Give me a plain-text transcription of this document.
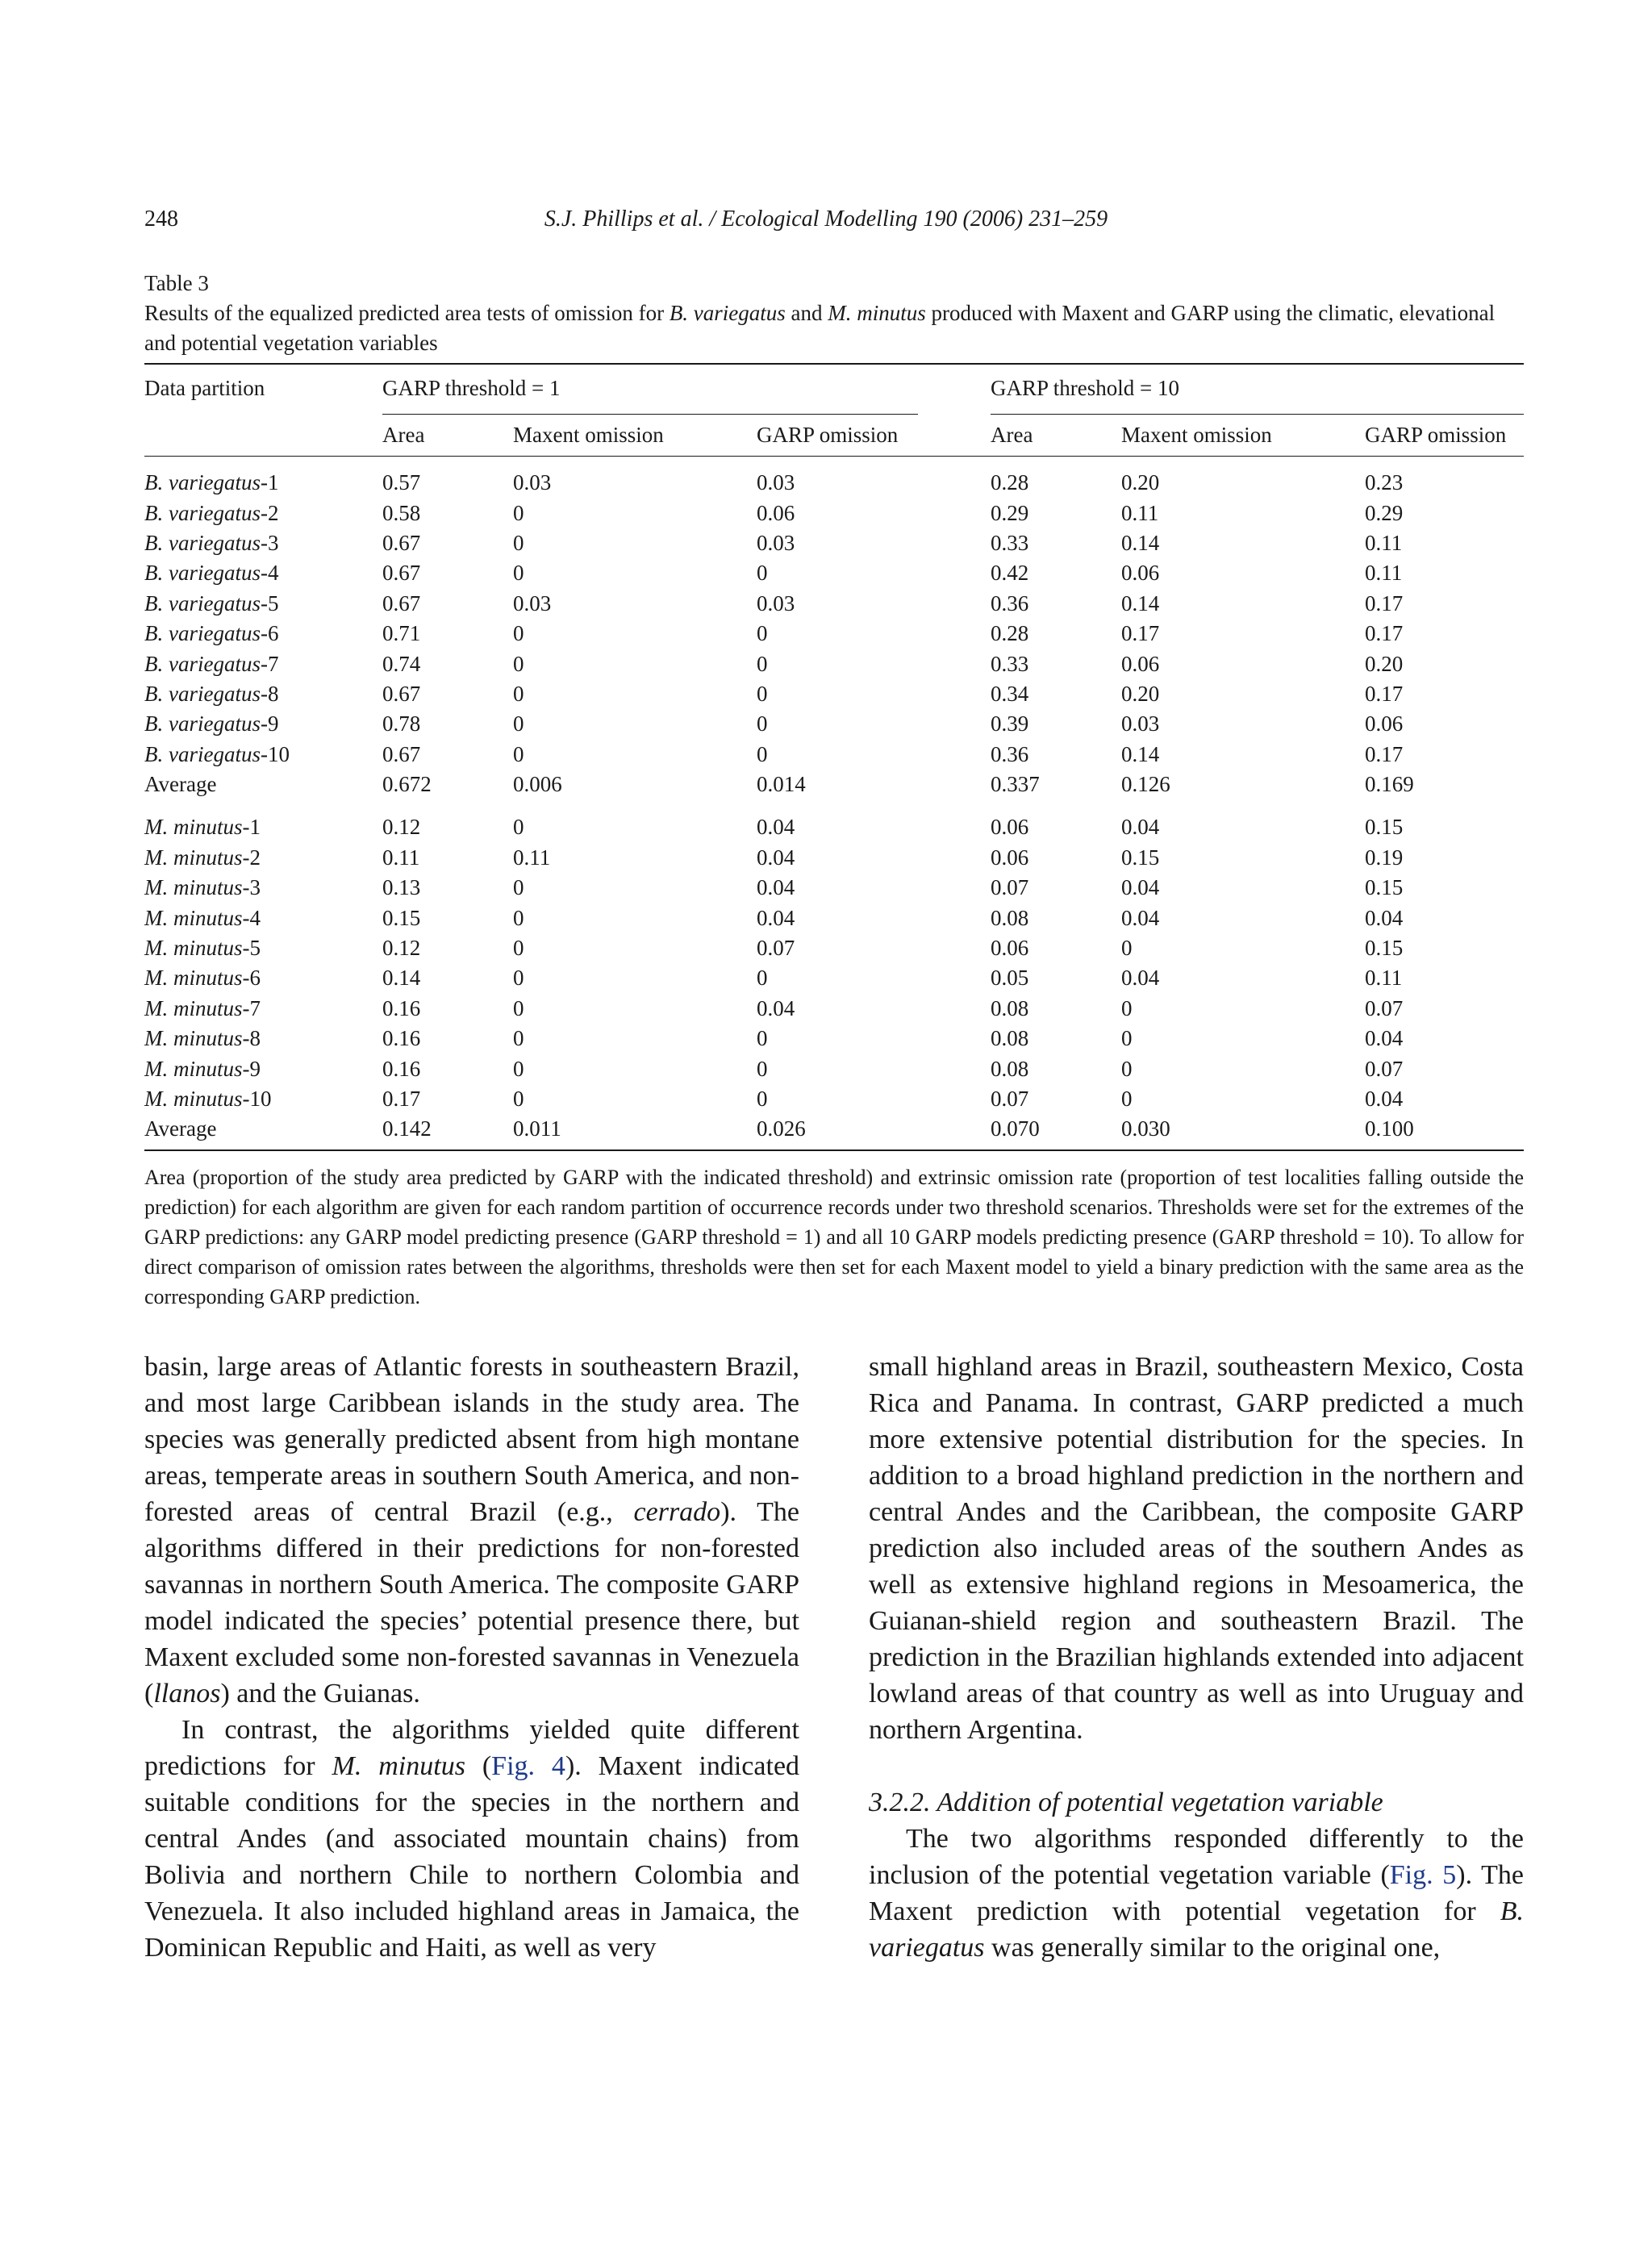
248	S.J. Phillips et al. / Ecological Modelling 190 (2006) 231–259
Table 3
Results of the equalized predicted area tests of omission for B. variegatus and M. minutus produced with Maxent and GARP using the climatic, elevational and potential vegetation variables
Data partition	GARP threshold = 1				GARP threshold = 10		
	Area	Maxent omission	GARP omission		Area	Maxent omission	GARP omission
B. variegatus-1	0.57	0.03	0.03		0.28	0.20	0.23
B. variegatus-2	0.58	0	0.06		0.29	0.11	0.29
B. variegatus-3	0.67	0	0.03		0.33	0.14	0.11
B. variegatus-4	0.67	0	0		0.42	0.06	0.11
B. variegatus-5	0.67	0.03	0.03		0.36	0.14	0.17
B. variegatus-6	0.71	0	0		0.28	0.17	0.17
B. variegatus-7	0.74	0	0		0.33	0.06	0.20
B. variegatus-8	0.67	0	0		0.34	0.20	0.17
B. variegatus-9	0.78	0	0		0.39	0.03	0.06
B. variegatus-10	0.67	0	0		0.36	0.14	0.17
Average	0.672	0.006	0.014		0.337	0.126	0.169
M. minutus-1	0.12	0	0.04		0.06	0.04	0.15
M. minutus-2	0.11	0.11	0.04		0.06	0.15	0.19
M. minutus-3	0.13	0	0.04		0.07	0.04	0.15
M. minutus-4	0.15	0	0.04		0.08	0.04	0.04
M. minutus-5	0.12	0	0.07		0.06	0	0.15
M. minutus-6	0.14	0	0		0.05	0.04	0.11
M. minutus-7	0.16	0	0.04		0.08	0	0.07
M. minutus-8	0.16	0	0		0.08	0	0.04
M. minutus-9	0.16	0	0		0.08	0	0.07
M. minutus-10	0.17	0	0		0.07	0	0.04
Average	0.142	0.011	0.026		0.070	0.030	0.100
Area (proportion of the study area predicted by GARP with the indicated threshold) and extrinsic omission rate (proportion of test localities falling outside the prediction) for each algorithm are given for each random partition of occurrence records under two threshold scenarios. Thresholds were set for the extremes of the GARP predictions: any GARP model predicting presence (GARP threshold = 1) and all 10 GARP models predicting presence (GARP threshold = 10). To allow for direct comparison of omission rates between the algorithms, thresholds were then set for each Maxent model to yield a binary prediction with the same area as the corresponding GARP prediction.

basin, large areas of Atlantic forests in southeastern Brazil, and most large Caribbean islands in the study area. The species was generally predicted absent from high montane areas, temperate areas in southern South America, and non-forested areas of central Brazil (e.g., cerrado). The algorithms differed in their predictions for non-forested savannas in northern South America. The composite GARP model indicated the species’ potential presence there, but Maxent excluded some non-forested savannas in Venezuela (llanos) and the Guianas.

In contrast, the algorithms yielded quite different predictions for M. minutus (Fig. 4). Maxent indicated suitable conditions for the species in the northern and central Andes (and associated mountain chains) from Bolivia and northern Chile to northern Colombia and Venezuela. It also included highland areas in Jamaica, the Dominican Republic and Haiti, as well as very

small highland areas in Brazil, southeastern Mexico, Costa Rica and Panama. In contrast, GARP predicted a much more extensive potential distribution for the species. In addition to a broad highland prediction in the northern and central Andes and the Caribbean, the composite GARP prediction also included areas of the southern Andes as well as extensive highland regions in Mesoamerica, the Guianan-shield region and southeastern Brazil. The prediction in the Brazilian highlands extended into adjacent lowland areas of that country as well as into Uruguay and northern Argentina.

3.2.2. Addition of potential vegetation variable

The two algorithms responded differently to the inclusion of the potential vegetation variable (Fig. 5). The Maxent prediction with potential vegetation for B. variegatus was generally similar to the original one,
